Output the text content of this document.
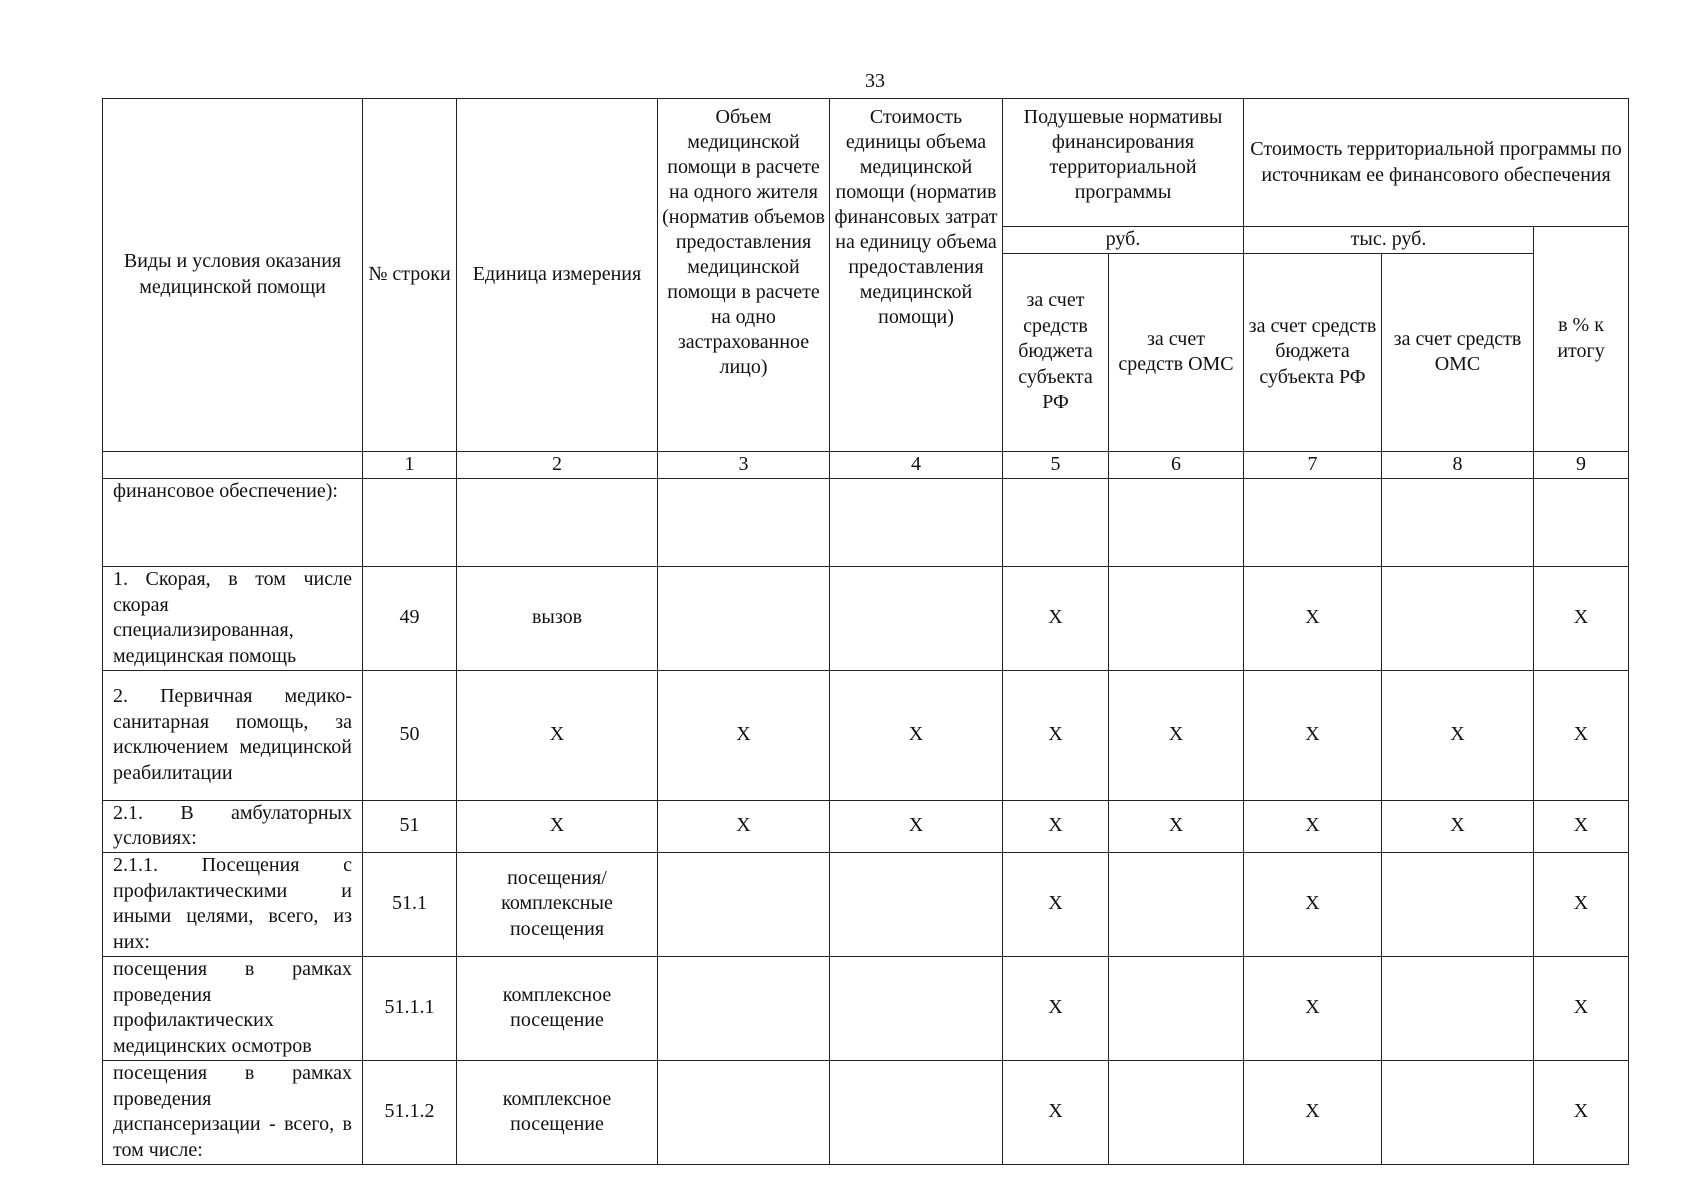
33
Виды и условия оказания медицинской помощи	№ строки	Единица измерения	Объем медицинской помощи в расчете на одного жителя (норматив объемов предоставления медицинской помощи в расчете на одно застрахованное лицо)	Стоимость единицы объема медицинской помощи (норматив финансовых затрат на единицу объема предоставления медицинской помощи)	Подушевые нормативы финансирования территориальной программы		Стоимость территориальной программы по источникам ее финансового обеспечения		
					руб.		тыс. руб.		в % к итогу
					за счет средств бюджета субъекта РФ	за счет средств ОМС	за счет средств бюджета субъекта РФ	за счет средств ОМС	
	1	2	3	4	5	6	7	8	9
финансовое обеспечение):									
1. Скорая, в том числе скорая специализированная, медицинская помощь	49	вызов			X		X		X
2. Первичная медико-санитарная помощь, за исключением медицинской реабилитации	50	X	X	X	X	X	X	X	X
2.1. В амбулаторных условиях:	51	X	X	X	X	X	X	X	X
2.1.1. Посещения с профилактическими и иными целями, всего, из них:	51.1	посещения/ комплексные посещения			X		X		X
посещения в рамках проведения профилактических медицинских осмотров	51.1.1	комплексное посещение			X		X		X
посещения в рамках проведения диспансеризации - всего, в том числе:	51.1.2	комплексное посещение			X		X		X
